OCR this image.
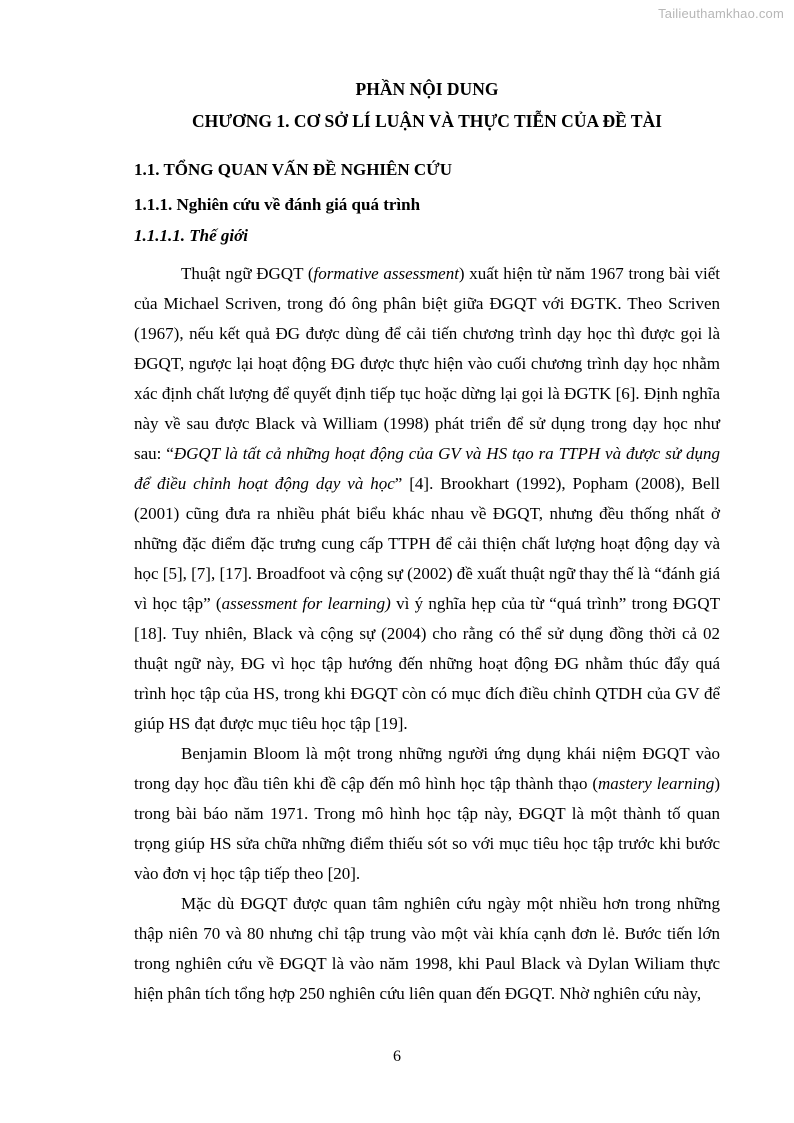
Tailieuthamkhao.com

PHẦN NỘI DUNG

CHƯƠNG 1. CƠ SỞ LÍ LUẬN VÀ THỰC TIỄN CỦA ĐỀ TÀI

1.1. TỔNG QUAN VẤN ĐỀ NGHIÊN CỨU

1.1.1. Nghiên cứu về đánh giá quá trình

1.1.1.1. Thế giới

Thuật ngữ ĐGQT (formative assessment) xuất hiện từ năm 1967 trong bài viết của Michael Scriven, trong đó ông phân biệt giữa ĐGQT với ĐGTK. Theo Scriven (1967), nếu kết quả ĐG được dùng để cải tiến chương trình dạy học thì được gọi là ĐGQT, ngược lại hoạt động ĐG được thực hiện vào cuối chương trình dạy học nhằm xác định chất lượng để quyết định tiếp tục hoặc dừng lại gọi là ĐGTK [6]. Định nghĩa này về sau được Black và William (1998) phát triển để sử dụng trong dạy học như sau: “ĐGQT là tất cả những hoạt động của GV và HS tạo ra TTPH và được sử dụng để điều chỉnh hoạt động dạy và học” [4]. Brookhart (1992), Popham (2008), Bell (2001) cũng đưa ra nhiều phát biểu khác nhau về ĐGQT, nhưng đều thống nhất ở những đặc điểm đặc trưng cung cấp TTPH để cải thiện chất lượng hoạt động dạy và học [5], [7], [17]. Broadfoot và cộng sự (2002) đề xuất thuật ngữ thay thế là “đánh giá vì học tập” (assessment for learning) vì ý nghĩa hẹp của từ “quá trình” trong ĐGQT [18]. Tuy nhiên, Black và cộng sự (2004) cho rằng có thể sử dụng đồng thời cả 02 thuật ngữ này, ĐG vì học tập hướng đến những hoạt động ĐG nhằm thúc đẩy quá trình học tập của HS, trong khi ĐGQT còn có mục đích điều chỉnh QTDH của GV để giúp HS đạt được mục tiêu học tập [19].

Benjamin Bloom là một trong những người ứng dụng khái niệm ĐGQT vào trong dạy học đầu tiên khi đề cập đến mô hình học tập thành thạo (mastery learning) trong bài báo năm 1971. Trong mô hình học tập này, ĐGQT là một thành tố quan trọng giúp HS sửa chữa những điểm thiếu sót so với mục tiêu học tập trước khi bước vào đơn vị học tập tiếp theo [20].

Mặc dù ĐGQT được quan tâm nghiên cứu ngày một nhiều hơn trong những thập niên 70 và 80 nhưng chỉ tập trung vào một vài khía cạnh đơn lẻ. Bước tiến lớn trong nghiên cứu về ĐGQT là vào năm 1998, khi Paul Black và Dylan Wiliam thực hiện phân tích tổng hợp 250 nghiên cứu liên quan đến ĐGQT. Nhờ nghiên cứu này,

6
